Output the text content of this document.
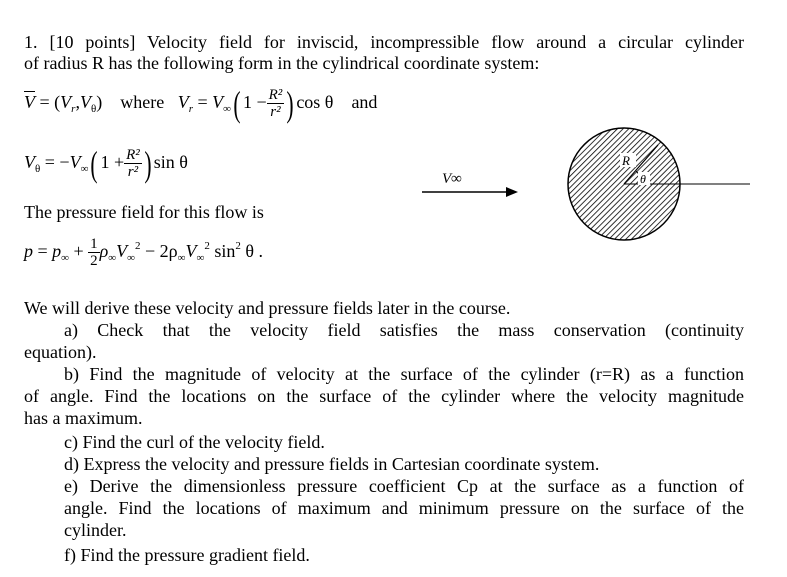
1. [10 points] Velocity field for inviscid, incompressible flow around a circular cylinder
of radius R has the following form in the cylindrical coordinate system:
$\overline{V} = (V_r,V_\theta)$ where $V_r = V_\infty$( $1 - \frac{\text{R²}}{\text{r²}}$ ) cos θ and
$V_\theta = -V_\infty$( $1 + \frac{\text{R²}}{\text{r²}}$ ) sin θ
The pressure field for this flow is
$p = p_\infty + \frac{1}{2} \rho_\infty V_\infty^2 - 2\rho_\infty V_\infty^2$ $\sin^2 \theta$ .
V∞
R
θ
We will derive these velocity and pressure fields later in the course.
a) Check that the velocity field satisfies the mass conservation (continuity
equation).
b) Find the magnitude of velocity at the surface of the cylinder (r=R) as a function
of angle. Find the locations on the surface of the cylinder where the velocity magnitude
has a maximum.
c) Find the curl of the velocity field.
d) Express the velocity and pressure fields in Cartesian coordinate system.
e) Derive the dimensionless pressure coefficient Cp at the surface as a function of
angle. Find the locations of maximum and minimum pressure on the surface of the
cylinder.
f) Find the pressure gradient field.
